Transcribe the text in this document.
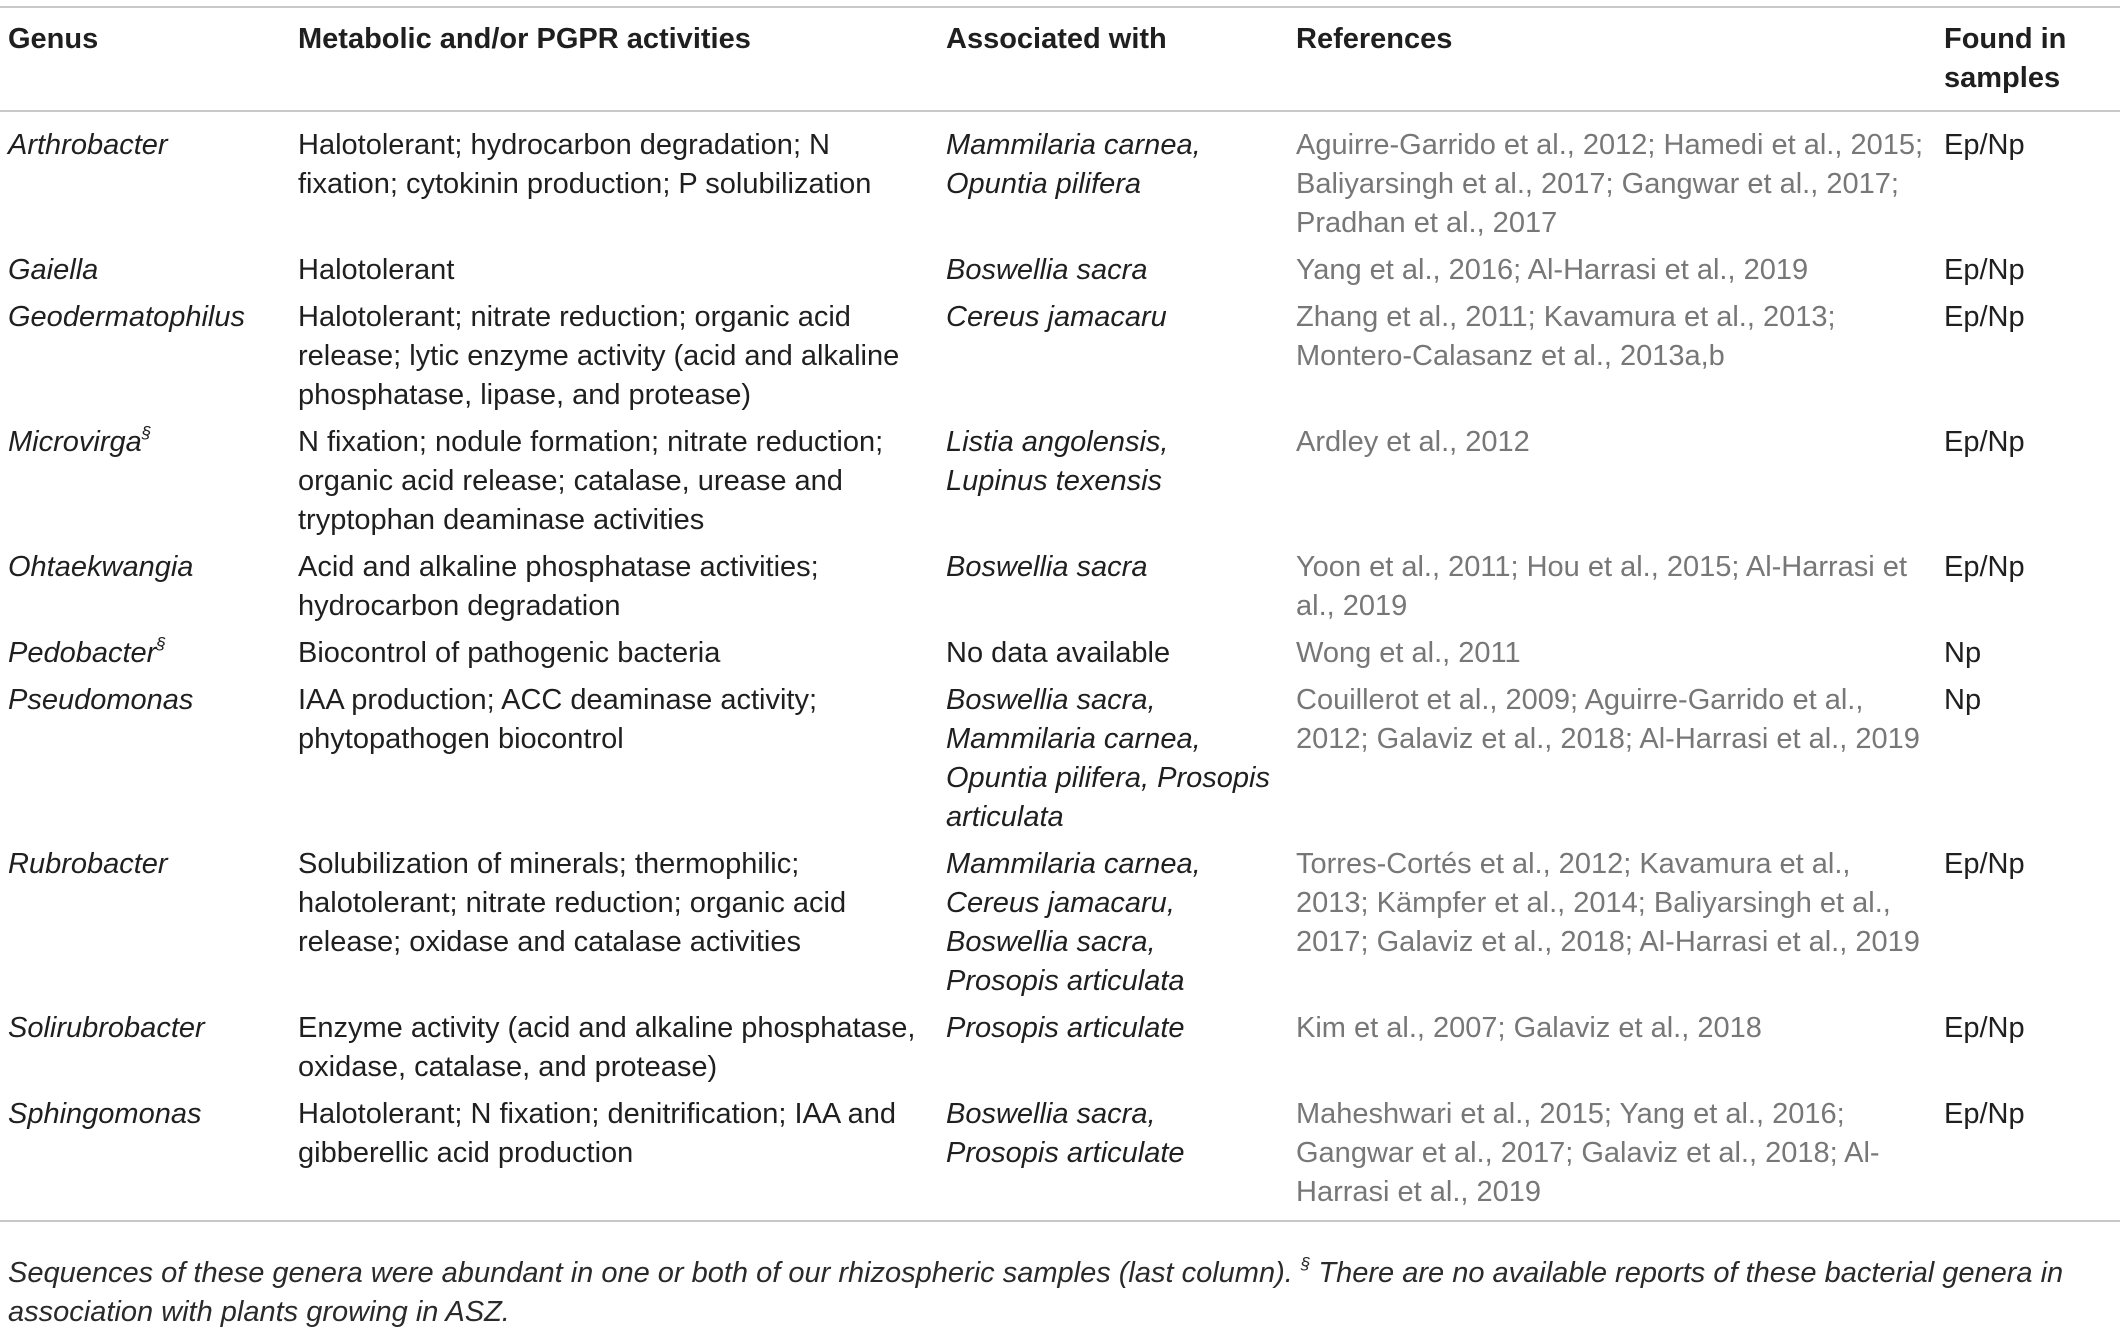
Genus	Metabolic and/or PGPR activities	Associated with	References	Found in samples
Arthrobacter	Halotolerant; hydrocarbon degradation; N fixation; cytokinin production; P solubilization	Mammilaria carnea, Opuntia pilifera	Aguirre-Garrido et al., 2012; Hamedi et al., 2015; Baliyarsingh et al., 2017; Gangwar et al., 2017; Pradhan et al., 2017	Ep/Np
Gaiella	Halotolerant	Boswellia sacra	Yang et al., 2016; Al-Harrasi et al., 2019	Ep/Np
Geodermatophilus	Halotolerant; nitrate reduction; organic acid release; lytic enzyme activity (acid and alkaline phosphatase, lipase, and protease)	Cereus jamacaru	Zhang et al., 2011; Kavamura et al., 2013; Montero-Calasanz et al., 2013a,b	Ep/Np
Microvirga§	N fixation; nodule formation; nitrate reduction; organic acid release; catalase, urease and tryptophan deaminase activities	Listia angolensis, Lupinus texensis	Ardley et al., 2012	Ep/Np
Ohtaekwangia	Acid and alkaline phosphatase activities; hydrocarbon degradation	Boswellia sacra	Yoon et al., 2011; Hou et al., 2015; Al-Harrasi et al., 2019	Ep/Np
Pedobacter§	Biocontrol of pathogenic bacteria	No data available	Wong et al., 2011	Np
Pseudomonas	IAA production; ACC deaminase activity; phytopathogen biocontrol	Boswellia sacra, Mammilaria carnea, Opuntia pilifera, Prosopis articulata	Couillerot et al., 2009; Aguirre-Garrido et al., 2012; Galaviz et al., 2018; Al-Harrasi et al., 2019	Np
Rubrobacter	Solubilization of minerals; thermophilic; halotolerant; nitrate reduction; organic acid release; oxidase and catalase activities	Mammilaria carnea, Cereus jamacaru, Boswellia sacra, Prosopis articulata	Torres-Cortés et al., 2012; Kavamura et al., 2013; Kämpfer et al., 2014; Baliyarsingh et al., 2017; Galaviz et al., 2018; Al-Harrasi et al., 2019	Ep/Np
Solirubrobacter	Enzyme activity (acid and alkaline phosphatase, oxidase, catalase, and protease)	Prosopis articulate	Kim et al., 2007; Galaviz et al., 2018	Ep/Np
Sphingomonas	Halotolerant; N fixation; denitrification; IAA and gibberellic acid production	Boswellia sacra, Prosopis articulate	Maheshwari et al., 2015; Yang et al., 2016; Gangwar et al., 2017; Galaviz et al., 2018; Al-Harrasi et al., 2019	Ep/Np
Sequences of these genera were abundant in one or both of our rhizospheric samples (last column). § There are no available reports of these bacterial genera in association with plants growing in ASZ.
